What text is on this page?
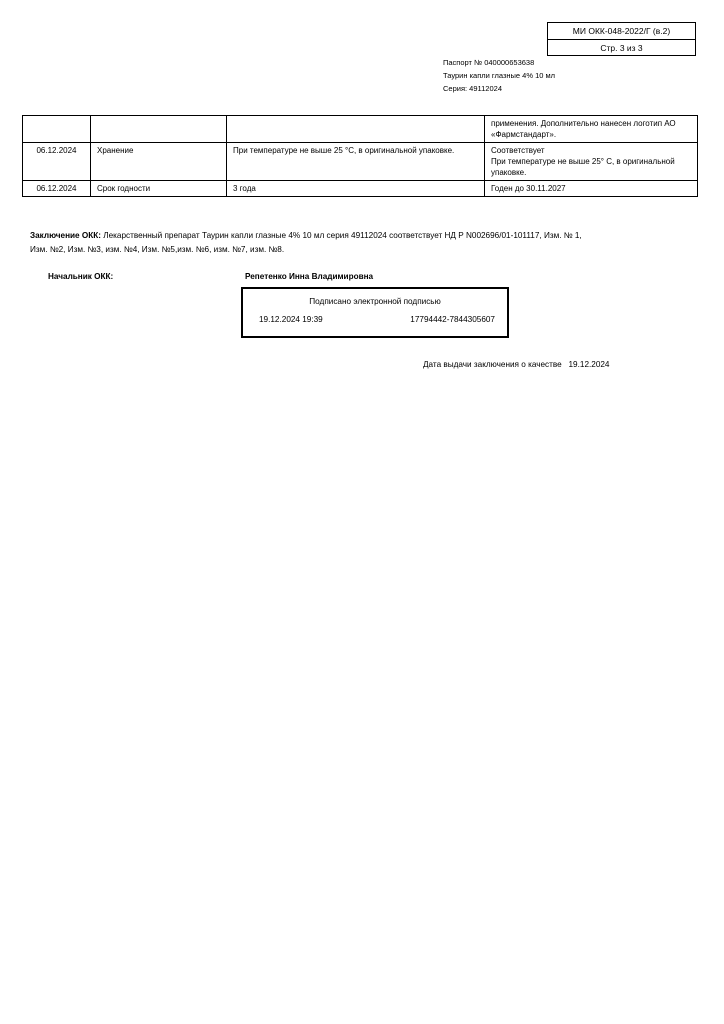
МИ ОКК-048-2022/Г (в.2)
Стр. 3 из 3
Паспорт № 040000653638
Таурин капли глазные 4% 10 мл
Серия: 49112024
			применения. Дополнительно нанесен логотип АО «Фармстандарт».
06.12.2024	Хранение	При температуре не выше 25 °С, в оригинальной упаковке.	Соответствует
При температуре не выше 25° С, в оригинальной упаковке.

06.12.2024	Срок годности	3 года	Годен до 30.11.2027
Заключение ОКК: Лекарственный препарат Таурин капли глазные 4% 10 мл серия 49112024 соответствует НД Р N002696/01-101117, Изм. № 1, Изм. №2, Изм. №3, изм. №4, Изм. №5,изм. №6, изм. №7, изм. №8.
Начальник ОКК:	Репетенко Инна Владимировна
Подписано электронной подписью
19.12.2024 19:39	17794442-7844305607
Дата выдачи заключения о качестве   19.12.2024
